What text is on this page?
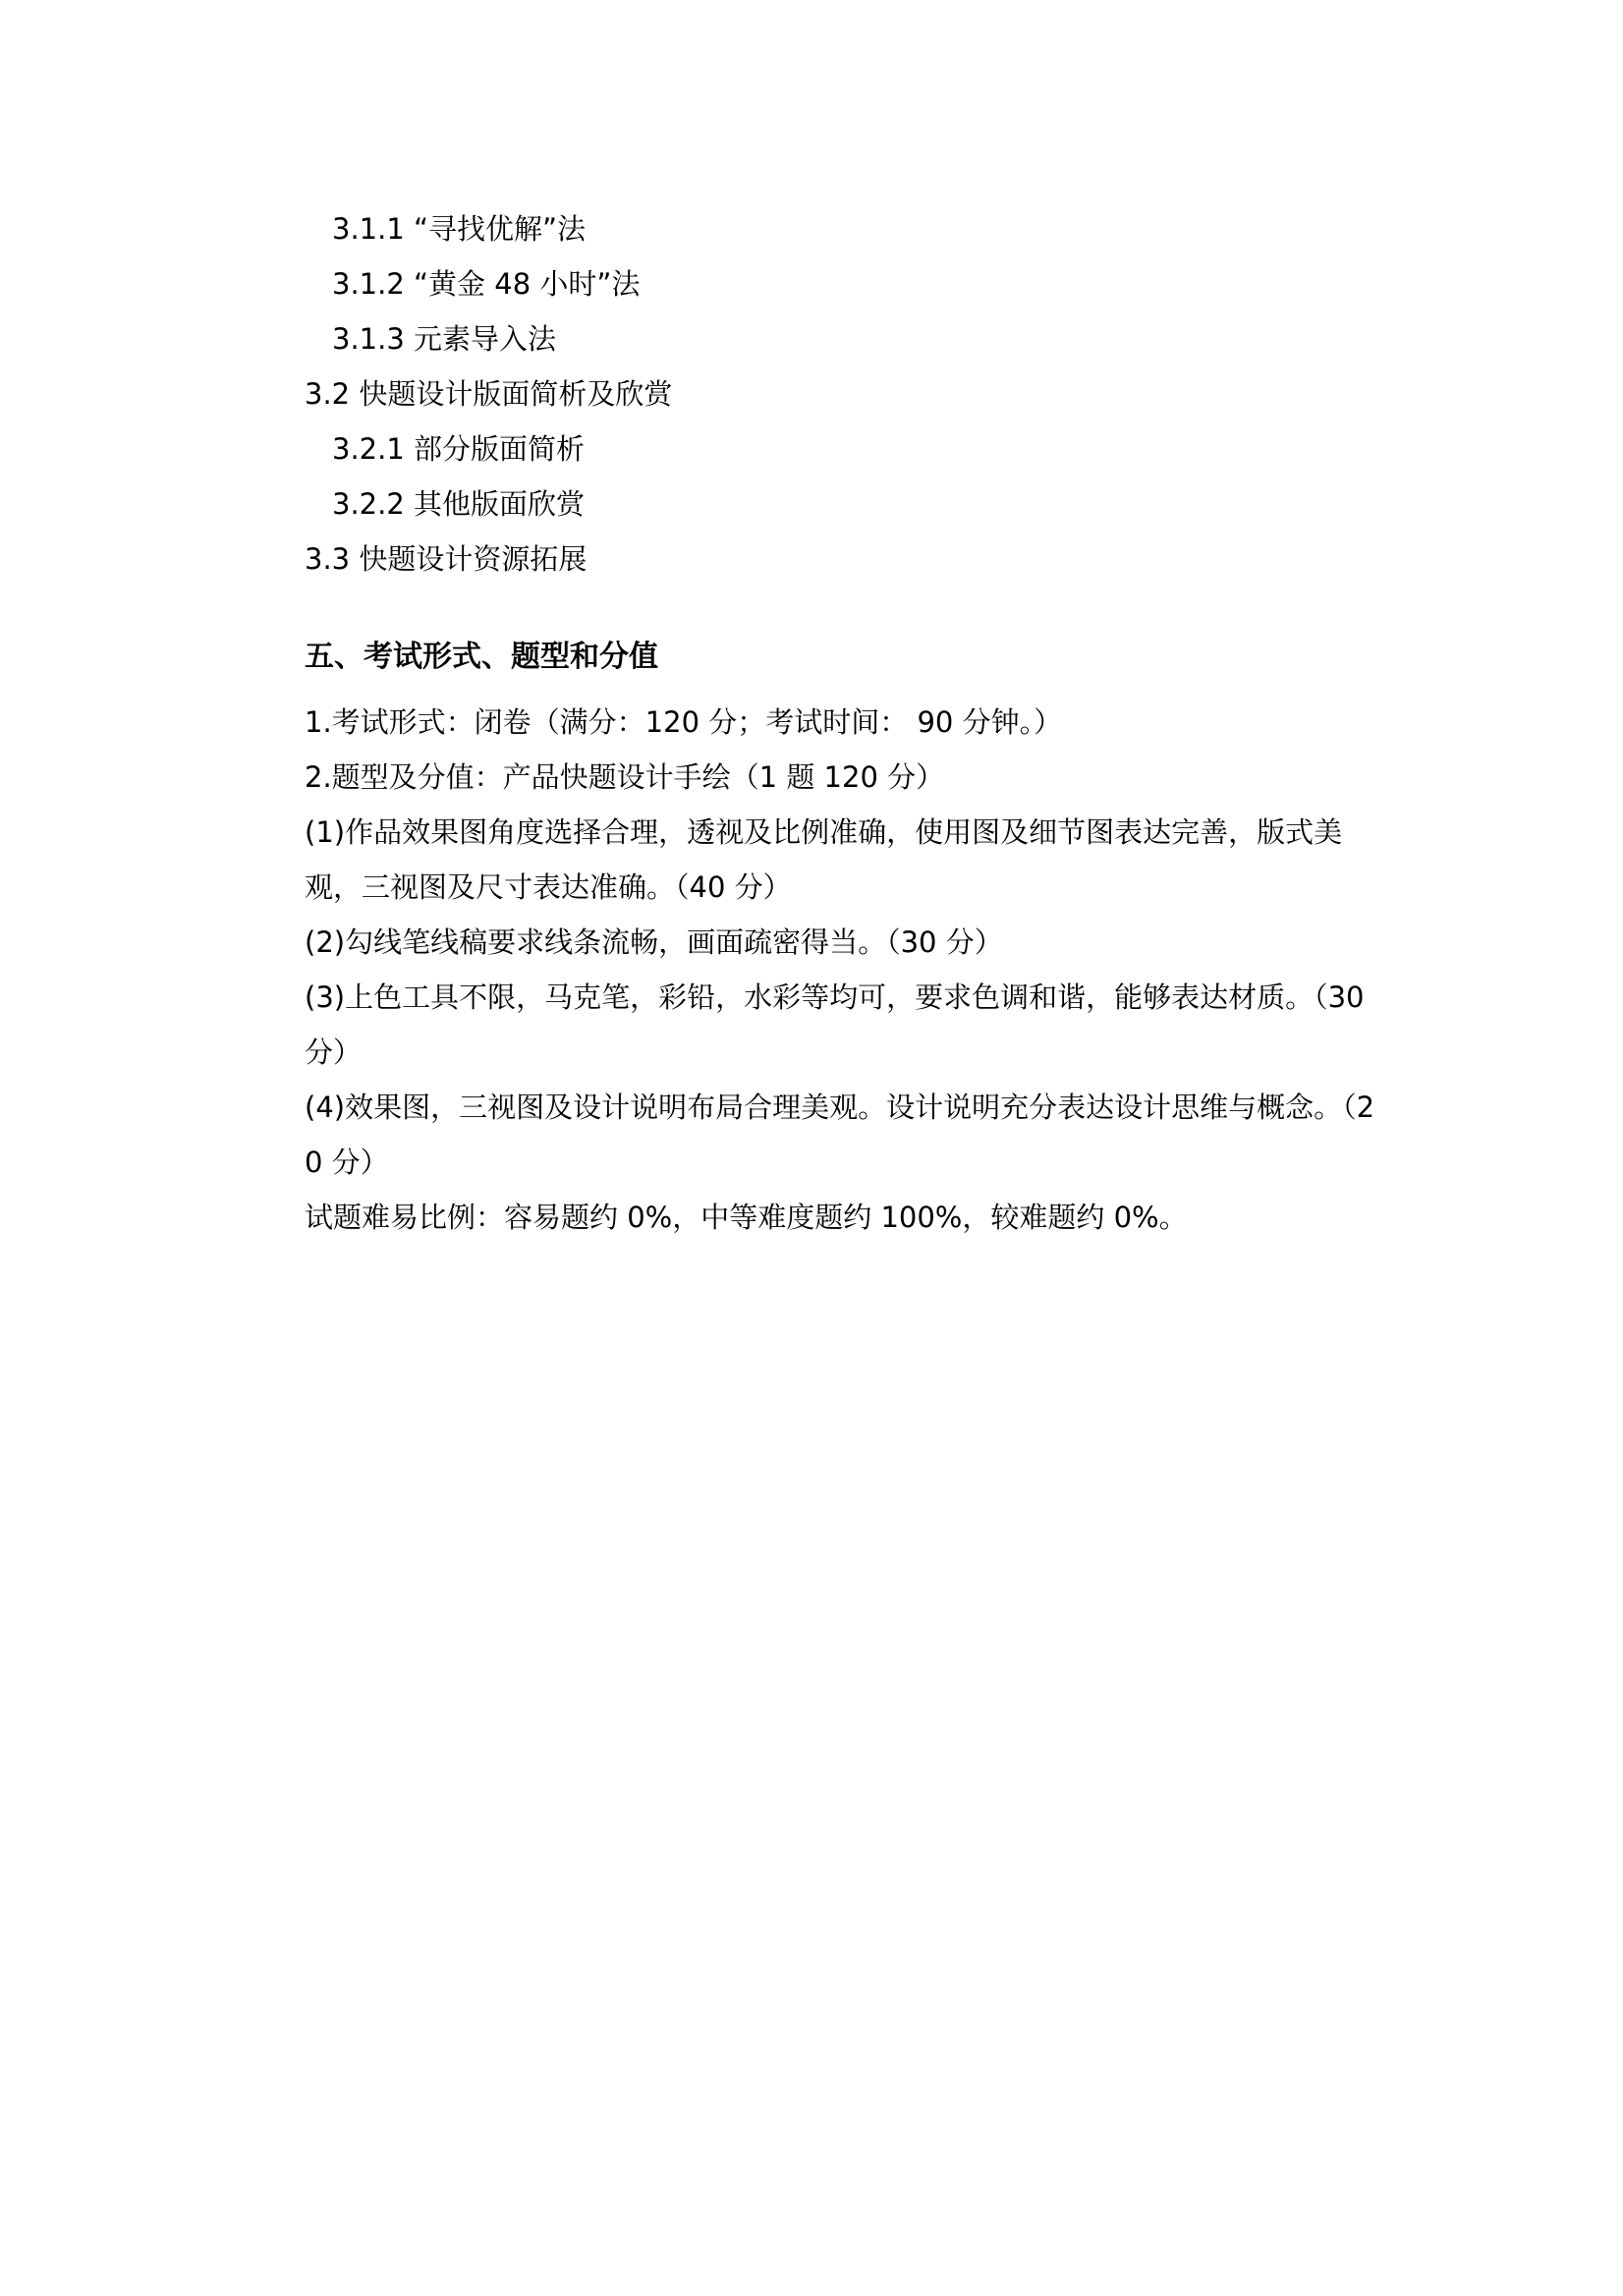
3.1.1 “寻找优解”法
3.1.2 “黄金 48 小时”法
3.1.3 元素导入法
3.2 快题设计版面简析及欣赏
3.2.1 部分版面简析
3.2.2 其他版面欣赏
3.3 快题设计资源拓展
五、考试形式、题型和分值
1.考试形式：闭卷（满分：120 分；考试时间： 90 分钟。）
2.题型及分值：产品快题设计手绘（1 题 120 分）
(1)作品效果图角度选择合理，透视及比例准确，使用图及细节图表达完善，版式美观，三视图及尺寸表达准确。（40 分）
(2)勾线笔线稿要求线条流畅，画面疏密得当。（30 分）
(3)上色工具不限，马克笔，彩铅，水彩等均可，要求色调和谐，能够表达材质。（30 分）
(4)效果图，三视图及设计说明布局合理美观。设计说明充分表达设计思维与概念。（20 分）
试题难易比例：容易题约 0%，中等难度题约 100%，较难题约 0%。
